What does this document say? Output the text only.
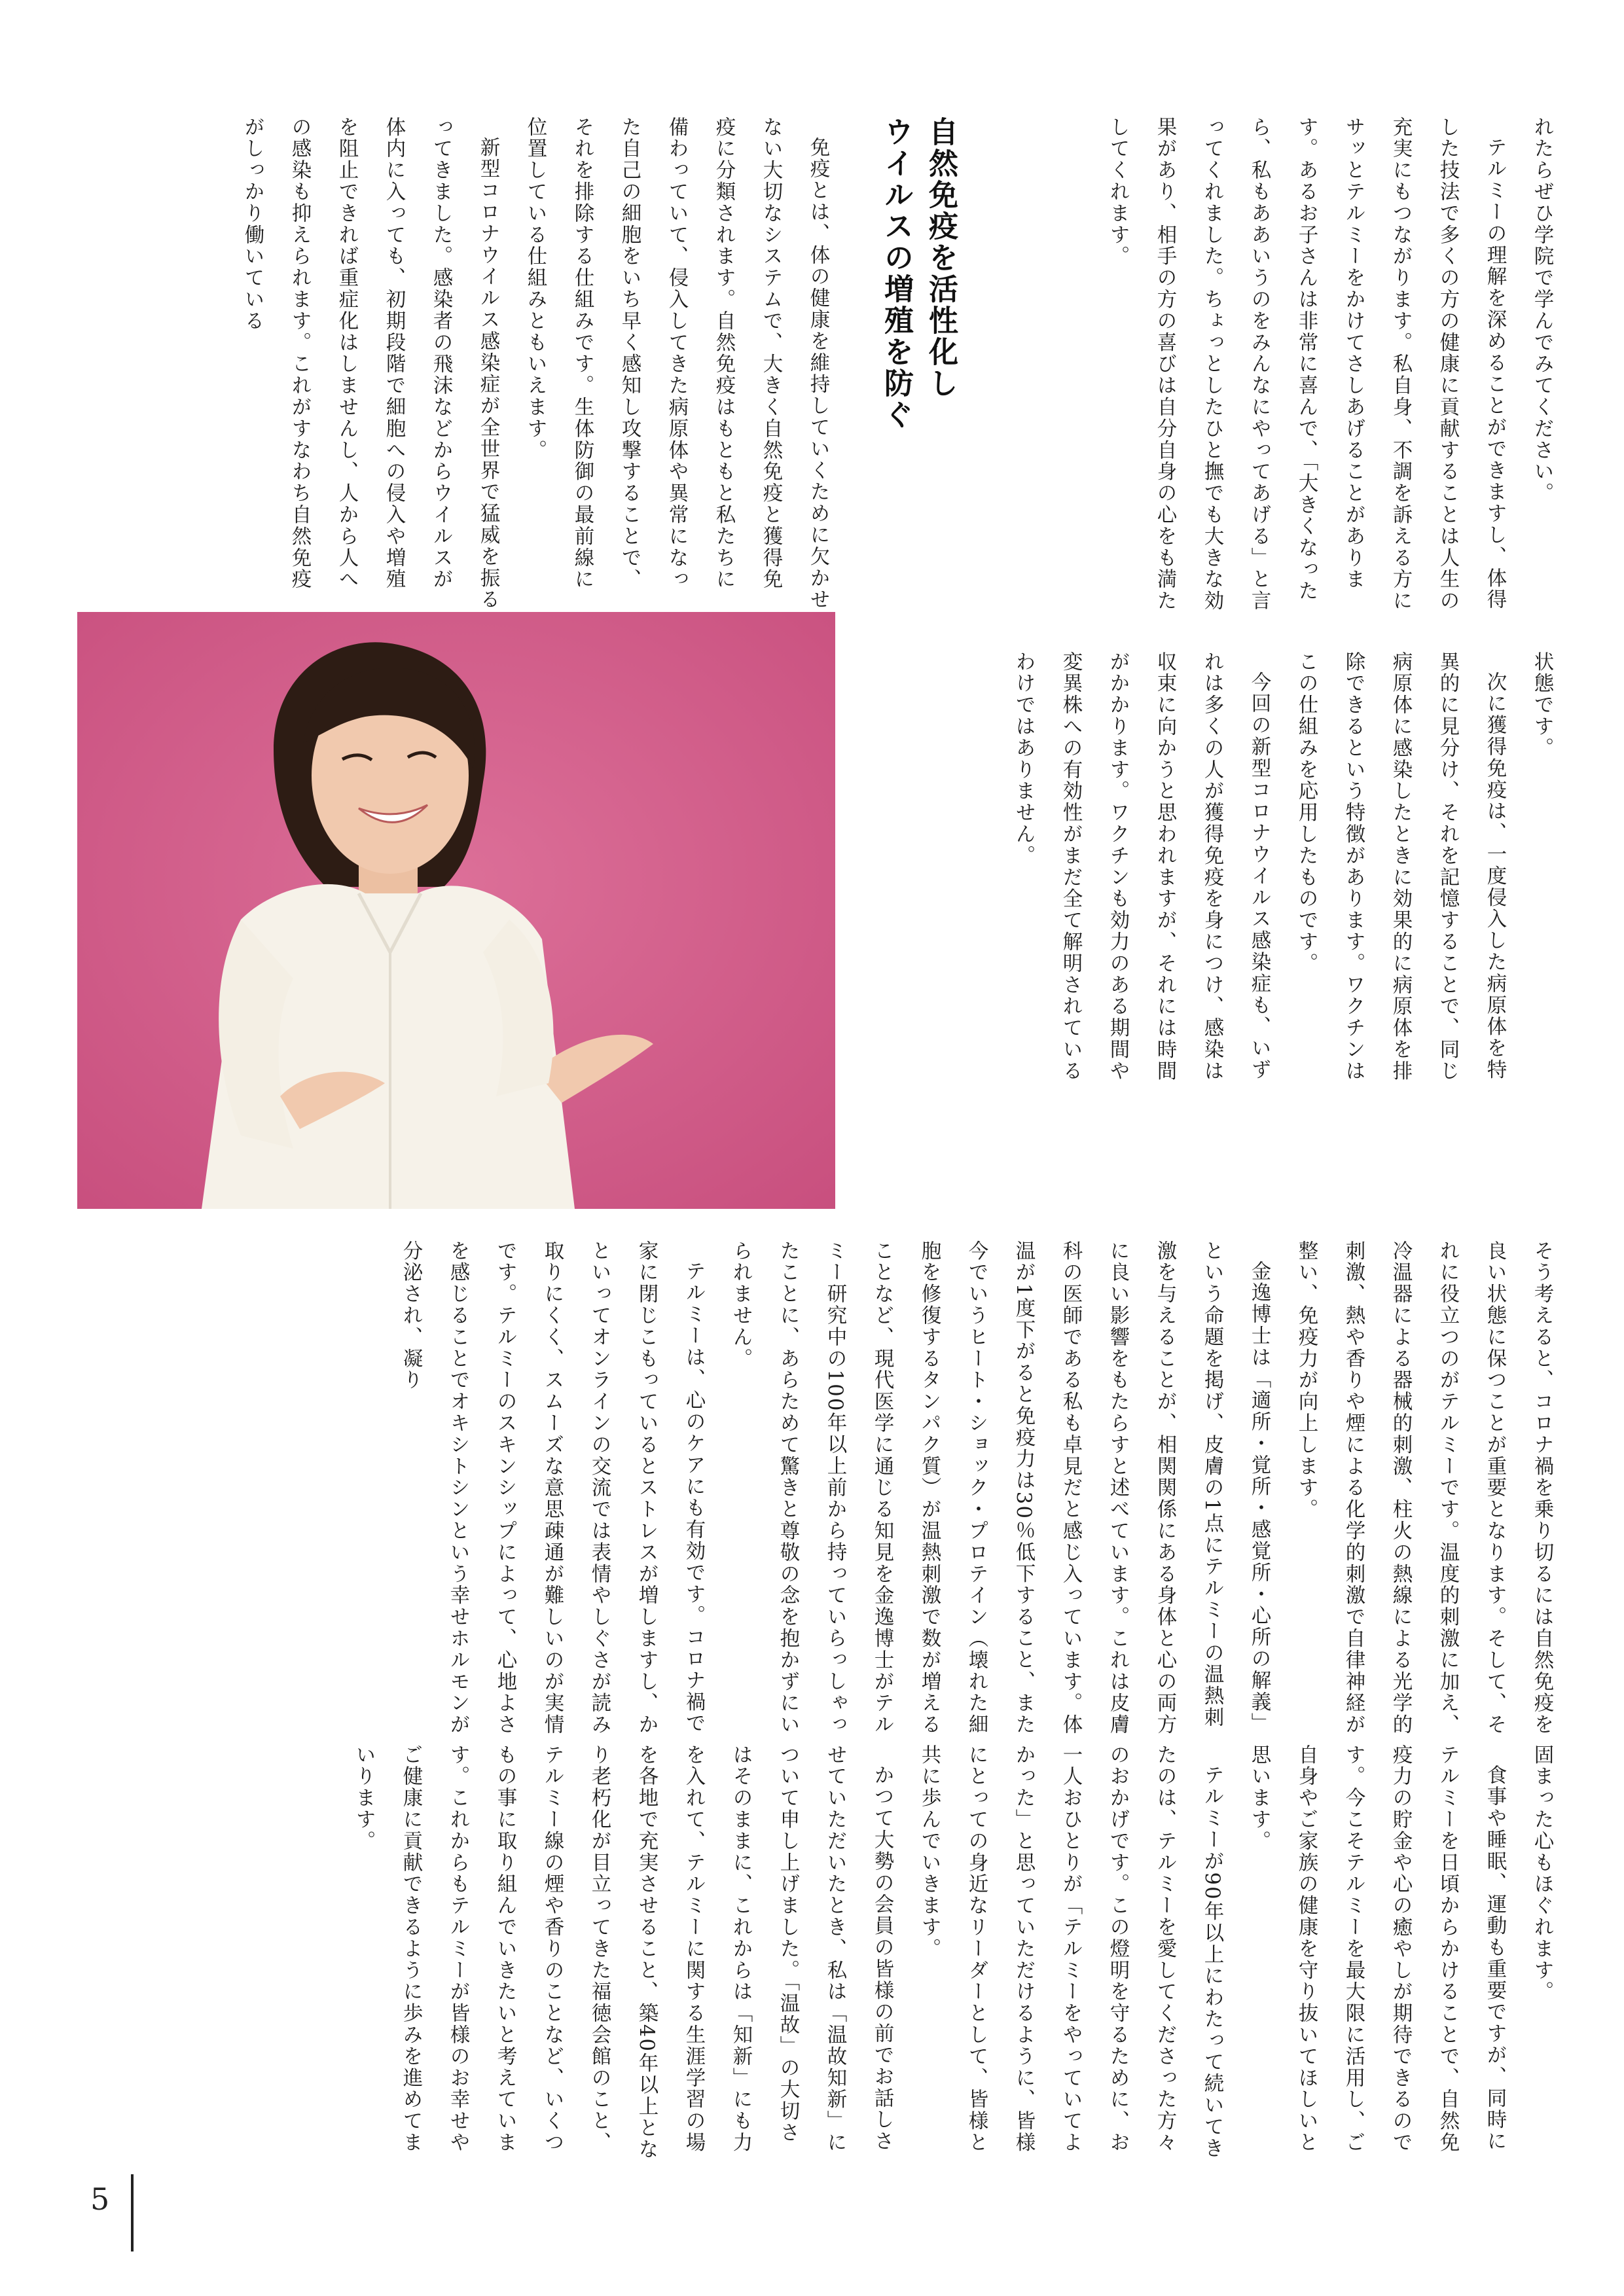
れたらぜひ学院で学んでみてください。

テルミーの理解を深めることができますし、体得した技法で多くの方の健康に貢献することは人生の充実にもつながります。私自身、不調を訴える方にサッとテルミーをかけてさしあげることがあります。あるお子さんは非常に喜んで、「大きくなったら、私もああいうのをみんなにやってあげる」と言ってくれました。ちょっとしたひと撫でも大きな効果があり、相手の方の喜びは自分自身の心をも満たしてくれます。

自然免疫を活性化し
ウイルスの増殖を防ぐ

免疫とは、体の健康を維持していくために欠かせない大切なシステムで、大きく自然免疫と獲得免疫に分類されます。自然免疫はもともと私たちに備わっていて、侵入してきた病原体や異常になった自己の細胞をいち早く感知し攻撃することで、それを排除する仕組みです。生体防御の最前線に位置している仕組みともいえます。

新型コロナウイルス感染症が全世界で猛威を振るってきました。感染者の飛沫などからウイルスが体内に入っても、初期段階で細胞への侵入や増殖を阻止できれば重症化はしませんし、人から人への感染も抑えられます。これがすなわち自然免疫がしっかり働いている

状態です。

次に獲得免疫は、一度侵入した病原体を特異的に見分け、それを記憶することで、同じ病原体に感染したときに効果的に病原体を排除できるという特徴があります。ワクチンはこの仕組みを応用したものです。

今回の新型コロナウイルス感染症も、いずれは多くの人が獲得免疫を身につけ、感染は収束に向かうと思われますが、それには時間がかかります。ワクチンも効力のある期間や変異株への有効性がまだ全て解明されているわけではありません。

そう考えると、コロナ禍を乗り切るには自然免疫を良い状態に保つことが重要となります。そして、それに役立つのがテルミーです。温度的刺激に加え、冷温器による器械的刺激、柱火の熱線による光学的刺激、熱や香りや煙による化学的刺激で自律神経が整い、免疫力が向上します。

金逸博士は「適所・覚所・感覚所・心所の解義」という命題を掲げ、皮膚の1点にテルミーの温熱刺激を与えることが、相関関係にある身体と心の両方に良い影響をもたらすと述べています。これは皮膚科の医師である私も卓見だと感じ入っています。体温が1度下がると免疫力は30％低下すること、また今でいうヒート・ショック・プロテイン（壊れた細胞を修復するタンパク質）が温熱刺激で数が増えることなど、現代医学に通じる知見を金逸博士がテルミー研究中の100年以上前から持っていらっしゃったことに、あらためて驚きと尊敬の念を抱かずにいられません。

テルミーは、心のケアにも有効です。コロナ禍で家に閉じこもっているとストレスが増しますし、かといってオンラインの交流では表情やしぐさが読み取りにくく、スムーズな意思疎通が難しいのが実情です。テルミーのスキンシップによって、心地よさを感じることでオキシトシンという幸せホルモンが分泌され、凝り

固まった心もほぐれます。

食事や睡眠、運動も重要ですが、同時にテルミーを日頃からかけることで、自然免疫力の貯金や心の癒やしが期待できるのです。今こそテルミーを最大限に活用し、ご自身やご家族の健康を守り抜いてほしいと思います。

テルミーが90年以上にわたって続いてきたのは、テルミーを愛してくださった方々のおかげです。この燈明を守るために、お一人おひとりが「テルミーをやっていてよかった」と思っていただけるように、皆様にとっての身近なリーダーとして、皆様と共に歩んでいきます。

かつて大勢の会員の皆様の前でお話しさせていただいたとき、私は「温故知新」について申し上げました。「温故」の大切さはそのままに、これからは「知新」にも力を入れて、テルミーに関する生涯学習の場を各地で充実させること、築40年以上となり老朽化が目立ってきた福徳会館のこと、テルミー線の煙や香りのことなど、いくつもの事に取り組んでいきたいと考えています。これからもテルミーが皆様のお幸せやご健康に貢献できるように歩みを進めてまいります。

5
